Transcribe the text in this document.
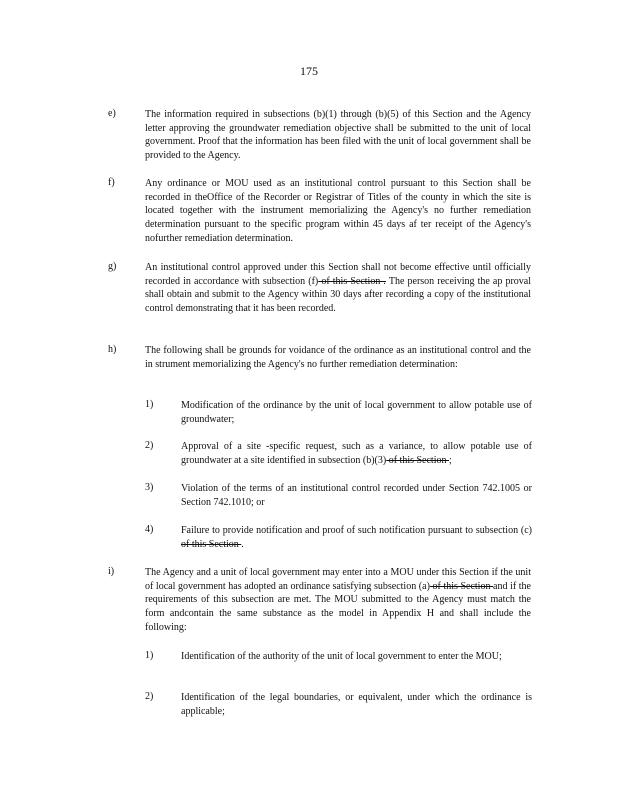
175
e)	The information required in subsections (b)(1) through (b)(5) of this Section and the Agency letter approving the groundwater remediation objective shall be submitted to the unit of local government. Proof that the information has been filed with the unit of local government shall be provided to the Agency.
f)	Any ordinance or MOU used as an institutional control pursuant to this Section shall be recorded in theOffice of the Recorder or Registrar of Titles of the county in which the site is located together with the instrument memorializing the Agency's no further remediation determination pursuant to the specific program within 45 days af ter receipt of the Agency's nofurther remediation determination.
g)	An institutional control approved under this Section shall not become effective until officially recorded in accordance with subsection (f) of this Section . The person receiving the ap proval shall obtain and submit to the Agency within 30 days after recording a copy of the institutional control demonstrating that it has been recorded.
h)	The following shall be grounds for voidance of the ordinance as an institutional control and the in strument memorializing the Agency's no further remediation determination:
1)	Modification of the ordinance by the unit of local government to allow potable use of groundwater;
2)	Approval of a site -specific request, such as a variance, to allow potable use of groundwater at a site identified in subsection (b)(3) of this Section ;
3)	Violation of the terms of an institutional control recorded under Section 742.1005 or Section 742.1010; or
4)	Failure to provide notification and proof of such notification pursuant to subsection (c) of this Section .
i)	The Agency and a unit of local government may enter into a MOU under this Section if the unit of local government has adopted an ordinance satisfying subsection (a) of this Section and if the requirements of this subsection are met. The MOU submitted to the Agency must match the form andcontain the same substance as the model in Appendix H and shall include the following:
1)	Identification of the authority of the unit of local government to enter the MOU;
2)	Identification of the legal boundaries, or equivalent, under which the ordinance is applicable;
